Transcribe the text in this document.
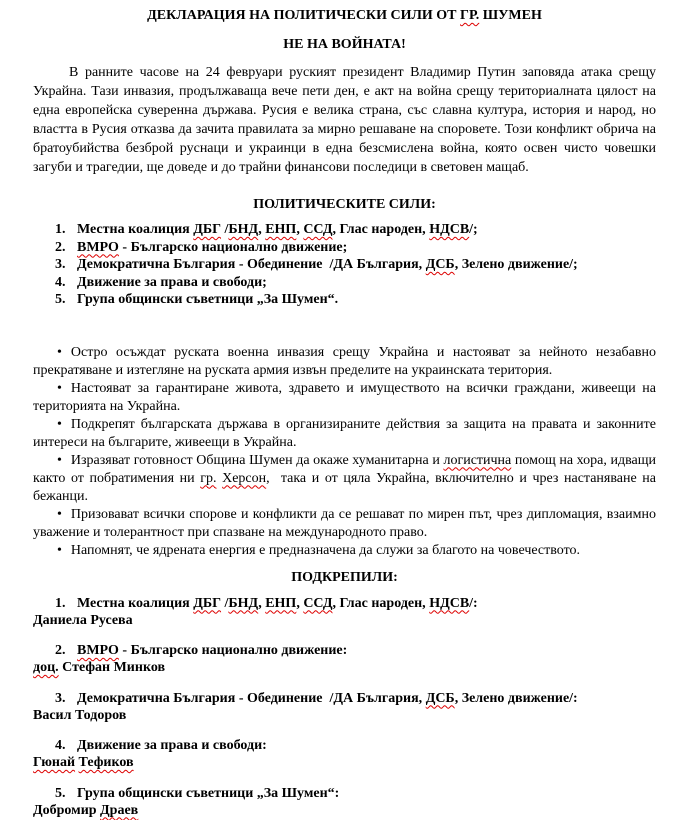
ДЕКЛАРАЦИЯ НА ПОЛИТИЧЕСКИ СИЛИ ОТ ГР. ШУМЕН
НЕ НА ВОЙНАТА!

В ранните часове на 24 февруари руският президент Владимир Путин заповяда атака срещу Украйна. Тази инвазия, продължаваща вече пети ден, е акт на война срещу териториалната цялост на една европейска суверенна държава. Русия е велика страна, със славна култура, история и народ, но властта в Русия отказва да зачита правилата за мирно решаване на споровете. Този конфликт обрича на братоубийства безброй руснаци и украинци в една безсмислена война, която освен чисто човешки загуби и трагедии, ще доведе и до трайни финансови последици в световен мащаб.

ПОЛИТИЧЕСКИТЕ СИЛИ:
1. Местна коалиция ДБГ /БНД, ЕНП, ССД, Глас народен, НДСВ/;
2. ВМРО - Българско национално движение;
3. Демократична България - Обединение  /ДА България, ДСБ, Зелено движение/;
4. Движение за права и свободи;
5. Група общински съветници „За Шумен“.

• Остро осъждат руската военна инвазия срещу Украйна и настояват за нейното незабавно прекратяване и изтегляне на руската армия извън пределите на украинската територия.

• Настояват за гарантиране живота, здравето и имуществото на всички граждани, живеещи на територията на Украйна.

• Подкрепят българската държава в организираните действия за защита на правата и законните интереси на българите, живеещи в Украйна.

• Изразяват готовност Община Шумен да окаже хуманитарна и логистична помощ на хора, идващи както от побратимения ни гр. Херсон,  така и от цяла Украйна, включително и чрез настаняване на бежанци.

• Призовават всички спорове и конфликти да се решават по мирен път, чрез дипломация, взаимно уважение и толерантност при спазване на международното право.

• Напомнят, че ядрената енергия е предназначена да служи за благото на човечеството.

ПОДКРЕПИЛИ:
1. Местна коалиция ДБГ /БНД, ЕНП, ССД, Глас народен, НДСВ/:
Даниела Русева
2. ВМРО - Българско национално движение:
доц. Стефан Минков
3. Демократична България - Обединение  /ДА България, ДСБ, Зелено движение/:
Васил Тодоров
4. Движение за права и свободи:
Гюнай Тефиков
5. Група общински съветници „За Шумен“:
Добромир Драев
